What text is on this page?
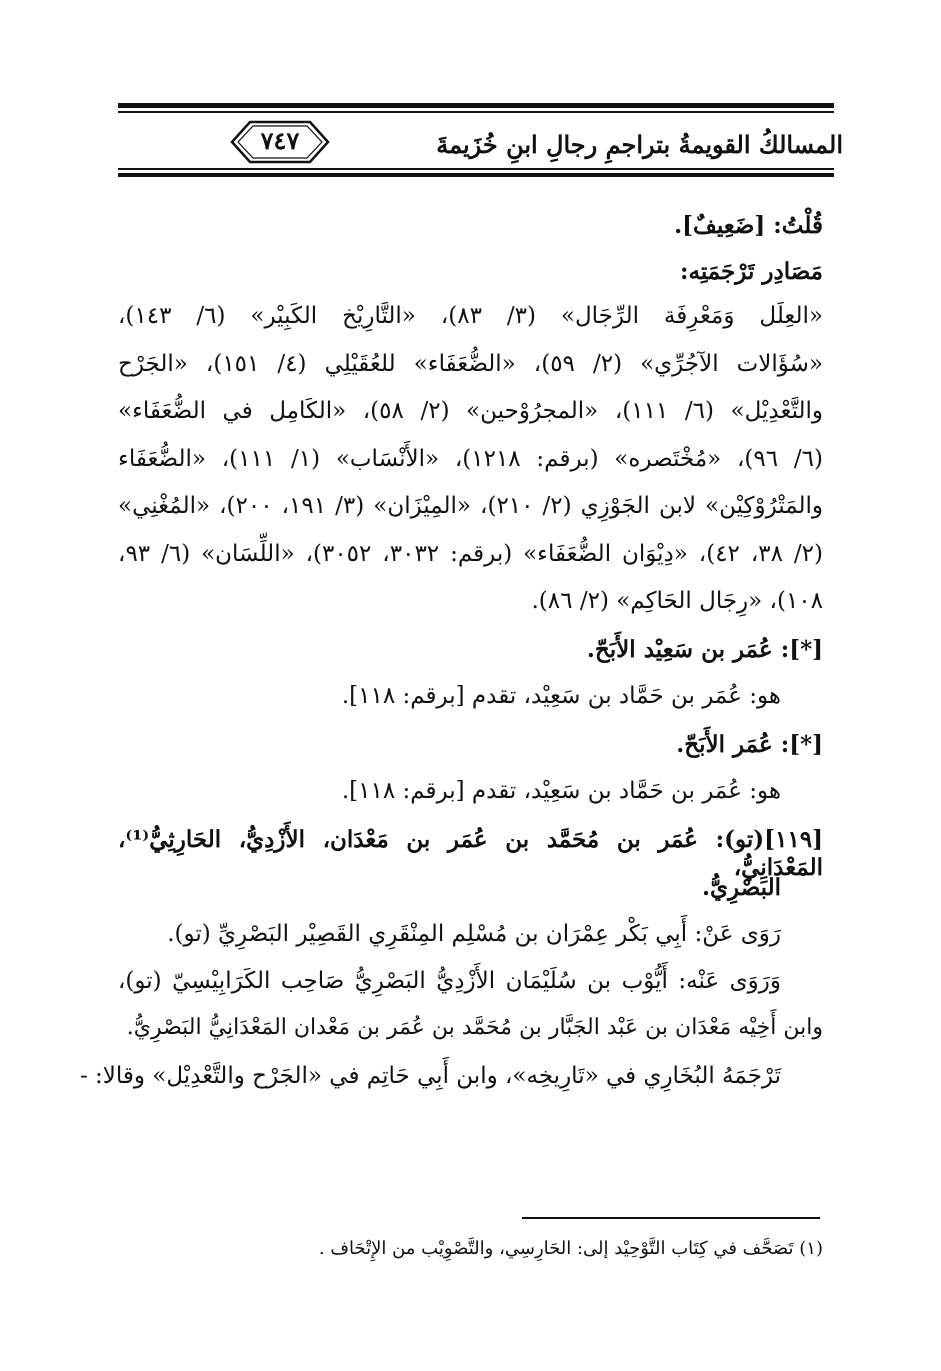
المسالكُ القويمةُ بتراجمِ رجالِ ابنِ خُزَيمةَ
٧٤٧
قُلْتُ: [ضَعِيفٌ].
مَصَادِر تَرْجَمَتِه:
«العِلَل وَمَعْرِفَة الرِّجَال» (٣/ ٨٣)، «التَّارِيْخ الكَبِيْر» (٦/ ١٤٣)،
«سُؤَالات الآجُرِّي» (٢/ ٥٩)، «الضُّعَفَاء» للعُقَيْلِي (٤/ ١٥١)، «الجَرْح
والتَّعْدِيْل» (٦/ ١١١)، «المجرُوْحين» (٢/ ٥٨)، «الكَامِل في الضُّعَفَاء»
(٦/ ٩٦)، «مُخْتَصره» (برقم: ١٢١٨)، «الأَنْسَاب» (١/ ١١١)، «الضُّعَفَاء
والمَتْرُوْكِيْن» لابن الجَوْزِي (٢/ ٢١٠)، «المِيْزَان» (٣/ ١٩١، ٢٠٠)، «المُغْنِي»
(٢/ ٣٨، ٤٢)، «دِيْوَان الضُّعَفَاء» (برقم: ٣٠٣٢، ٣٠٥٢)، «اللِّسَان» (٦/ ٩٣،
١٠٨)، «رِجَال الحَاكِم» (٢/ ٨٦).
[*]: عُمَر بن سَعِيْد الأَبَحّ.
هو: عُمَر بن حَمَّاد بن سَعِيْد، تقدم [برقم: ١١٨].
[*]: عُمَر الأَبَحّ.
هو: عُمَر بن حَمَّاد بن سَعِيْد، تقدم [برقم: ١١٨].
[١١٩](تو): عُمَر بن مُحَمَّد بن عُمَر بن مَعْدَان، الأَزْدِيُّ، الحَارِثِيُّ⁽¹⁾، المَعْدَانِيُّ،
البَصْرِيُّ.
رَوَى عَنْ: أَبِي بَكْر عِمْرَان بن مُسْلِم المِنْقَرِي القَصِيْر البَصْرِيِّ (تو).
وَرَوَى عَنْه: أَيُّوْب بن سُلَيْمَان الأَزْدِيُّ البَصْرِيُّ صَاحِب الكَرَابِيْسِيّ (تو)،
وابن أَخِيْه مَعْدَان بن عَبْد الجَبَّار بن مُحَمَّد بن عُمَر بن مَعْدان المَعْدَانِيُّ البَصْرِيُّ.
تَرْجَمَهُ البُخَارِي في «تَارِيخِه»، وابن أَبِي حَاتِم في «الجَرْح والتَّعْدِيْل» وقالا: -
(١) تَصَحَّف في كِتَاب التَّوْحِيْد إلى: الحَارِسِي، والتَّصْوِيْب من الإِتْحَاف .
